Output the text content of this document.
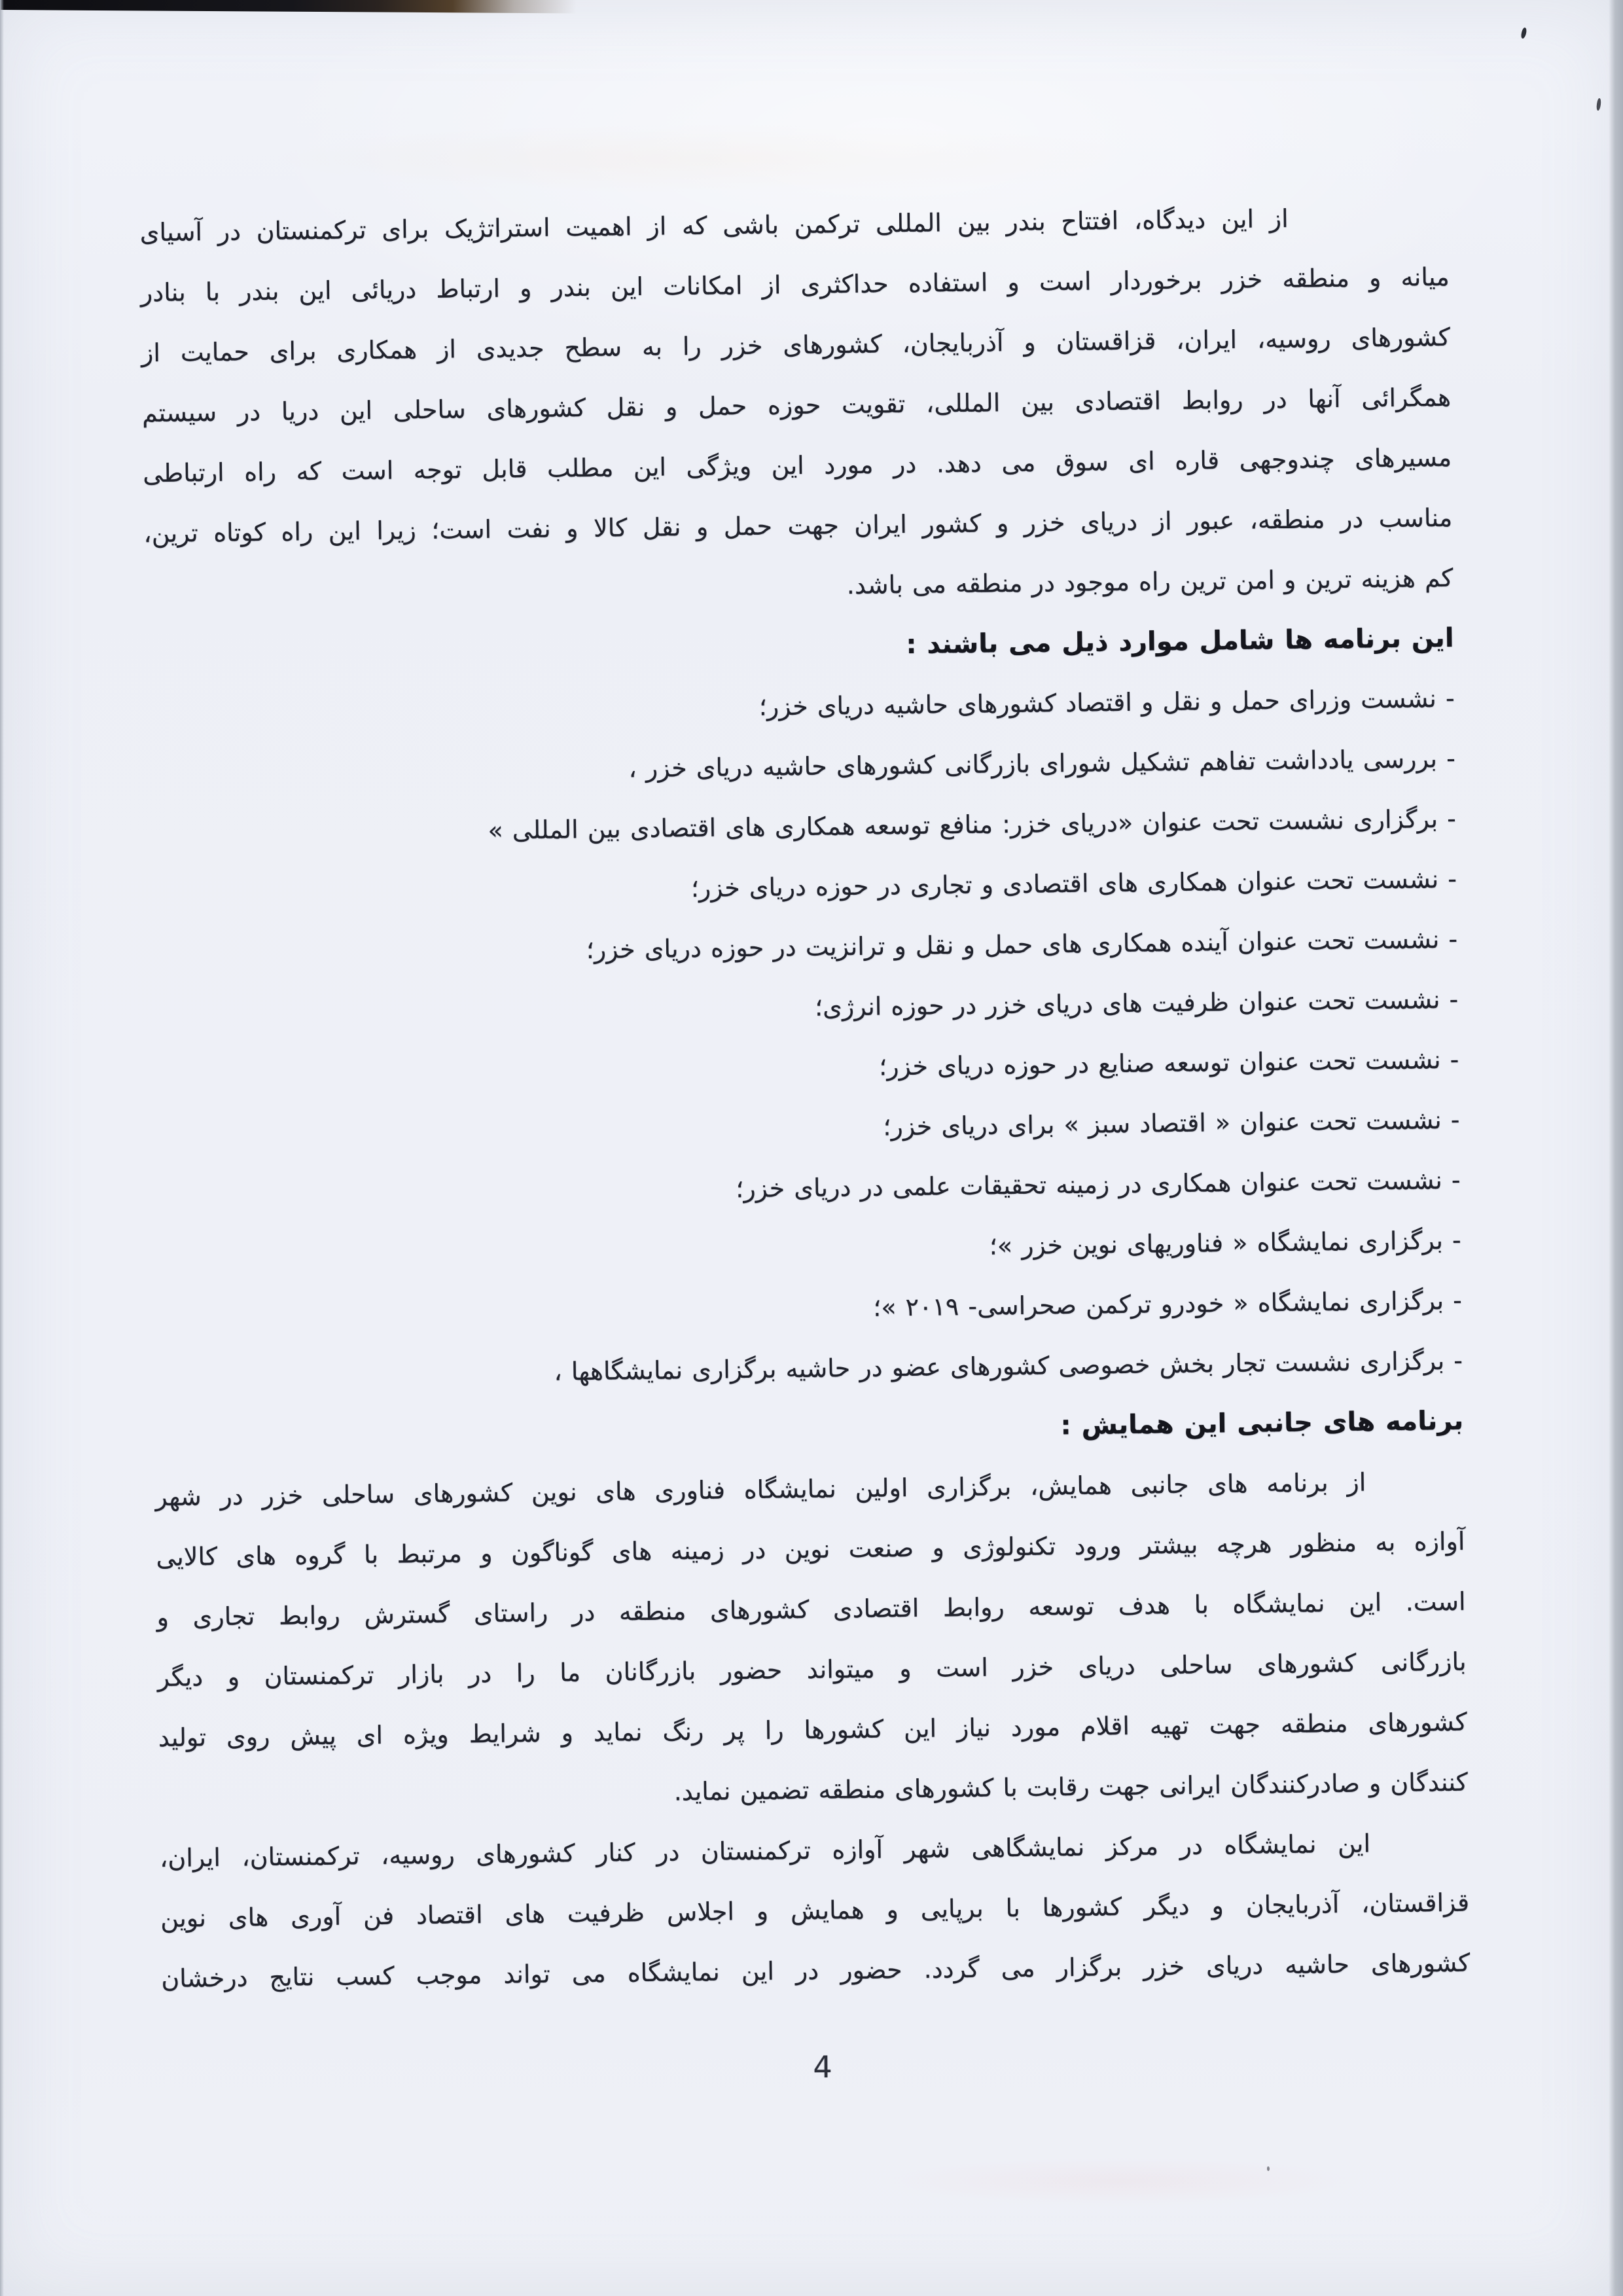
از این دیدگاه، افتتاح بندر بین المللی ترکمن باشی که از اهمیت استراتژیک برای ترکمنستان در آسیای
میانه و منطقه خزر برخوردار است و استفاده حداکثری از امکانات این بندر و ارتباط دریائی این بندر با بنادر
کشورهای روسیه، ایران، قزاقستان و آذربایجان، کشورهای خزر را به سطح جدیدی از همکاری برای حمایت از
همگرائی آنها در روابط اقتصادی بین المللی، تقویت حوزه حمل و نقل کشورهای ساحلی این دریا در سیستم
مسیرهای چندوجهی قاره ای سوق می دهد. در مورد این ویژگی این مطلب قابل توجه است که راه ارتباطی
مناسب در منطقه، عبور از دریای خزر و کشور ایران جهت حمل و نقل کالا و نفت است؛ زیرا این راه کوتاه ترین،
کم هزینه ترین و امن ترین راه موجود در منطقه می باشد.
این برنامه ها شامل موارد ذیل می باشند :
- نشست وزرای حمل و نقل و اقتصاد کشورهای حاشیه دریای خزر؛
- بررسی یادداشت تفاهم تشکیل شورای بازرگانی کشورهای حاشیه دریای خزر ،
- برگزاری نشست تحت عنوان «دریای خزر: منافع توسعه همکاری های اقتصادی بین المللی »
- نشست تحت عنوان همکاری های اقتصادی و تجاری در حوزه دریای خزر؛
- نشست تحت عنوان آینده همکاری های حمل و نقل و ترانزیت در حوزه دریای خزر؛
- نشست تحت عنوان ظرفیت های دریای خزر در حوزه انرژی؛
- نشست تحت عنوان توسعه صنایع در حوزه دریای خزر؛
- نشست تحت عنوان « اقتصاد سبز » برای دریای خزر؛
- نشست تحت عنوان همکاری در زمینه تحقیقات علمی در دریای خزر؛
- برگزاری نمایشگاه « فناوریهای نوین خزر »؛
- برگزاری نمایشگاه « خودرو ترکمن صحراسی- ۲۰۱۹ »؛
- برگزاری نشست تجار بخش خصوصی کشورهای عضو در حاشیه برگزاری نمایشگاهها ،
برنامه های جانبی این همایش :
از برنامه های جانبی همایش، برگزاری اولین نمایشگاه فناوری های نوین کشورهای ساحلی خزر در شهر
آوازه به منظور هرچه بیشتر ورود تکنولوژی و صنعت نوین در زمینه های گوناگون و مرتبط با گروه های کالایی
است. این نمایشگاه با هدف توسعه روابط اقتصادی کشورهای منطقه در راستای گسترش روابط تجاری و
بازرگانی کشورهای ساحلی دریای خزر است و میتواند حضور بازرگانان ما را در بازار ترکمنستان و دیگر
کشورهای منطقه جهت تهیه اقلام مورد نیاز این کشورها را پر رنگ نماید و شرایط ویژه ای پیش روی تولید
کنندگان و صادرکنندگان ایرانی جهت رقابت با کشورهای منطقه تضمین نماید.
این نمایشگاه در مرکز نمایشگاهی شهر آوازه ترکمنستان در کنار کشورهای روسیه، ترکمنستان، ایران،
قزاقستان، آذربایجان و دیگر کشورها با برپایی و همایش و اجلاس ظرفیت های اقتصاد فن آوری های نوین
کشورهای حاشیه دریای خزر برگزار می گردد. حضور در این نمایشگاه می تواند موجب کسب نتایج درخشان
4
